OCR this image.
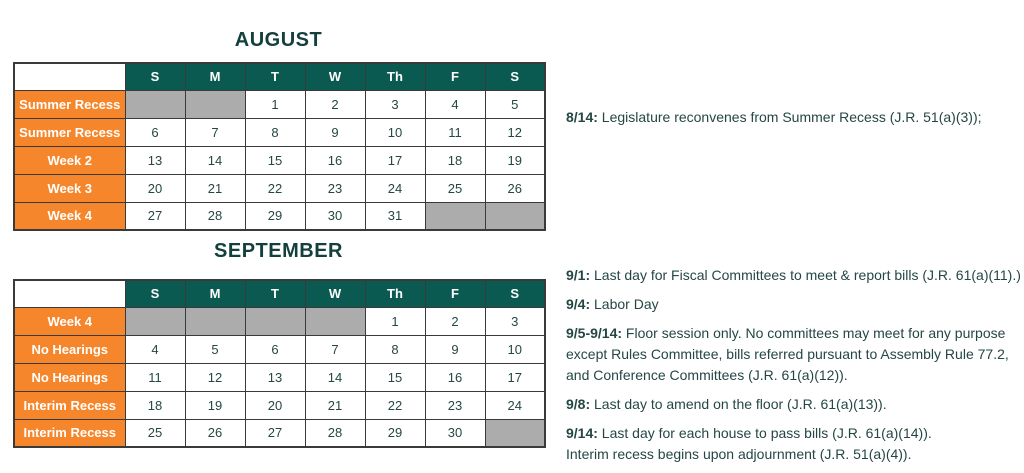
AUGUST
	S	M	T	W	Th	F	S
Summer Recess			1	2	3	4	5
Summer Recess	6	7	8	9	10	11	12
Week 2	13	14	15	16	17	18	19
Week 3	20	21	22	23	24	25	26
Week 4	27	28	29	30	31		
SEPTEMBER
	S	M	T	W	Th	F	S
Week 4					1	2	3
No Hearings	4	5	6	7	8	9	10
No Hearings	11	12	13	14	15	16	17
Interim Recess	18	19	20	21	22	23	24
Interim Recess	25	26	27	28	29	30	

8/14: Legislature reconvenes from Summer Recess (J.R. 51(a)(3));

9/1: Last day for Fiscal Committees to meet & report bills (J.R. 61(a)(11).)

9/4: Labor Day

9/5-9/14: Floor session only. No committees may meet for any purpose except Rules Committee, bills referred pursuant to Assembly Rule 77.2, and Conference Committees (J.R. 61(a)(12)).

9/8: Last day to amend on the floor (J.R. 61(a)(13)).

9/14: Last day for each house to pass bills (J.R. 61(a)(14)).
Interim recess begins upon adjournment (J.R. 51(a)(4)).
